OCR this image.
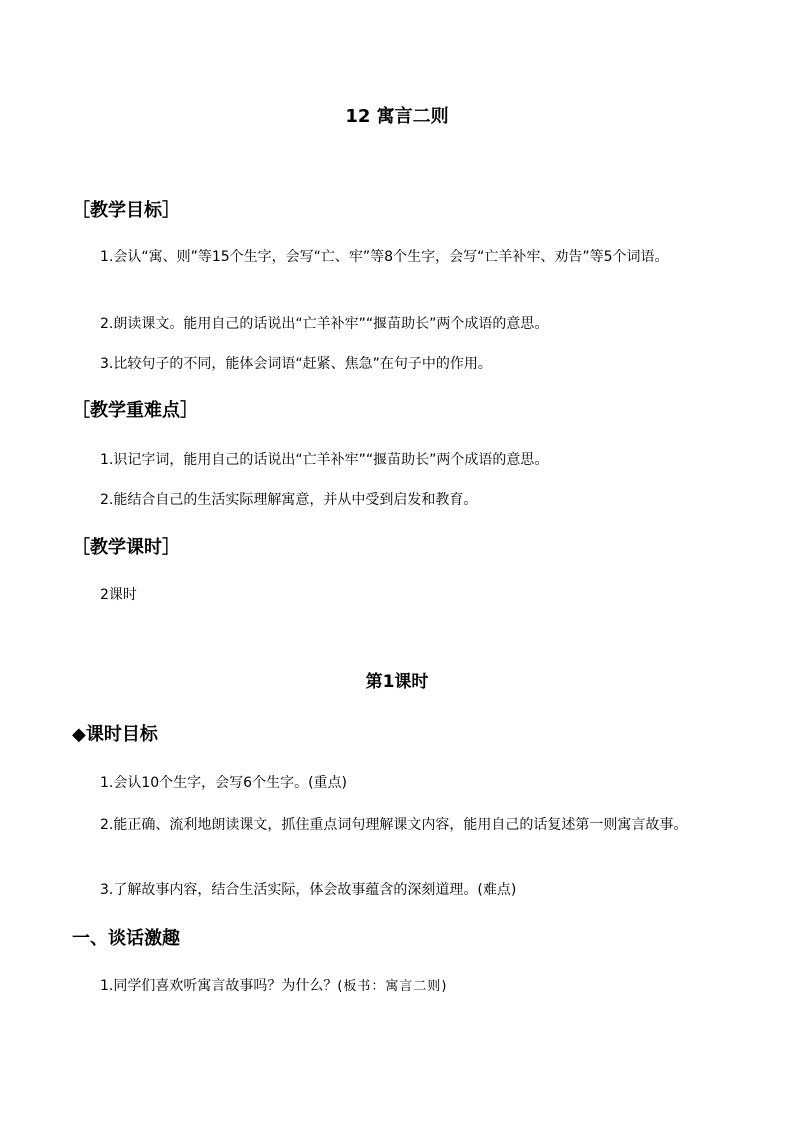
12 寓言二则
［教学目标］
1.会认“寓、则”等15个生字，会写“亡、牢”等8个生字，会写“亡羊补牢、劝告”等5个词语。
2.朗读课文。能用自己的话说出“亡羊补牢”“揠苗助长”两个成语的意思。
3.比较句子的不同，能体会词语“赶紧、焦急”在句子中的作用。
［教学重难点］
1.识记字词，能用自己的话说出“亡羊补牢”“揠苗助长”两个成语的意思。
2.能结合自己的生活实际理解寓意，并从中受到启发和教育。
［教学课时］
2课时
第1课时
◆课时目标
1.会认10个生字，会写6个生字。(重点)
2.能正确、流利地朗读课文，抓住重点词句理解课文内容，能用自己的话复述第一则寓言故事。
3.了解故事内容，结合生活实际，体会故事蕴含的深刻道理。(难点)
一、谈话激趣
1.同学们喜欢听寓言故事吗？为什么？(板书：寓言二则)
